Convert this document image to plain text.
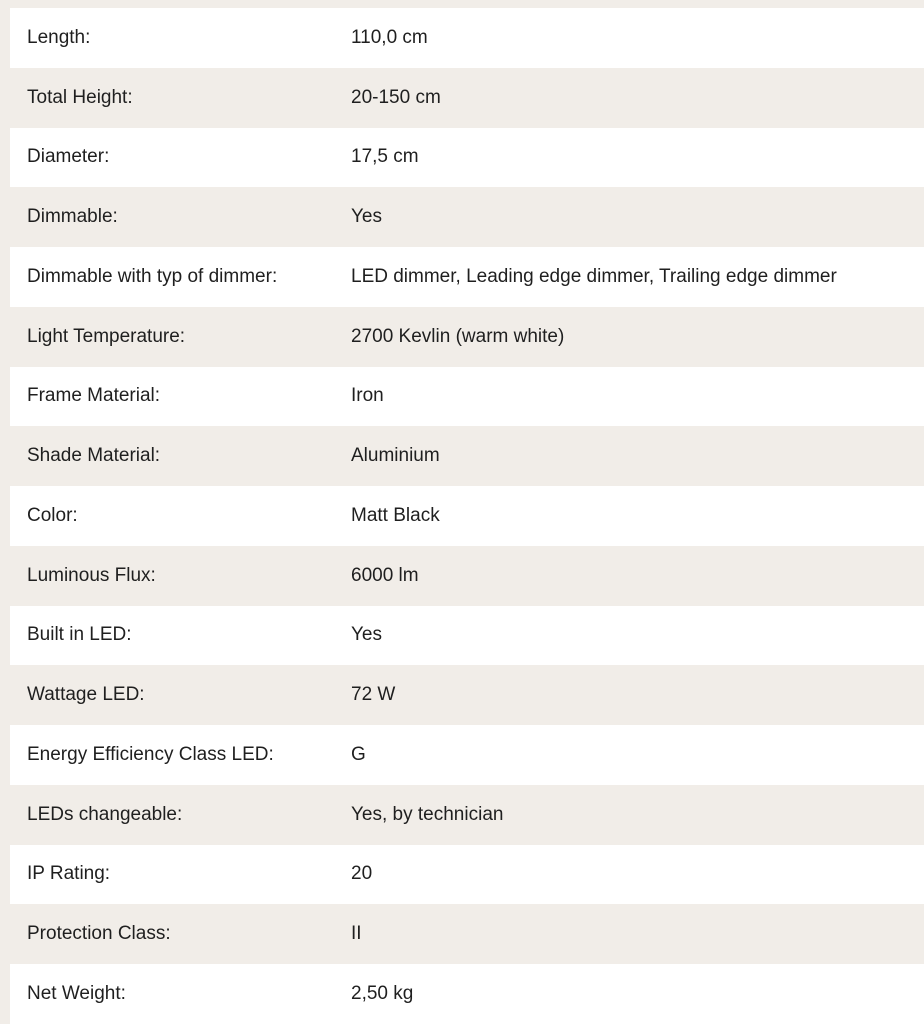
Length:	110,0 cm
Total Height:	20-150 cm
Diameter:	17,5 cm
Dimmable:	Yes
Dimmable with typ of dimmer:	LED dimmer, Leading edge dimmer, Trailing edge dimmer
Light Temperature:	2700 Kevlin (warm white)
Frame Material:	Iron
Shade Material:	Aluminium
Color:	Matt Black
Luminous Flux:	6000 lm
Built in LED:	Yes
Wattage LED:	72 W
Energy Efficiency Class LED:	G
LEDs changeable:	Yes, by technician
IP Rating:	20
Protection Class:	II
Net Weight:	2,50 kg
